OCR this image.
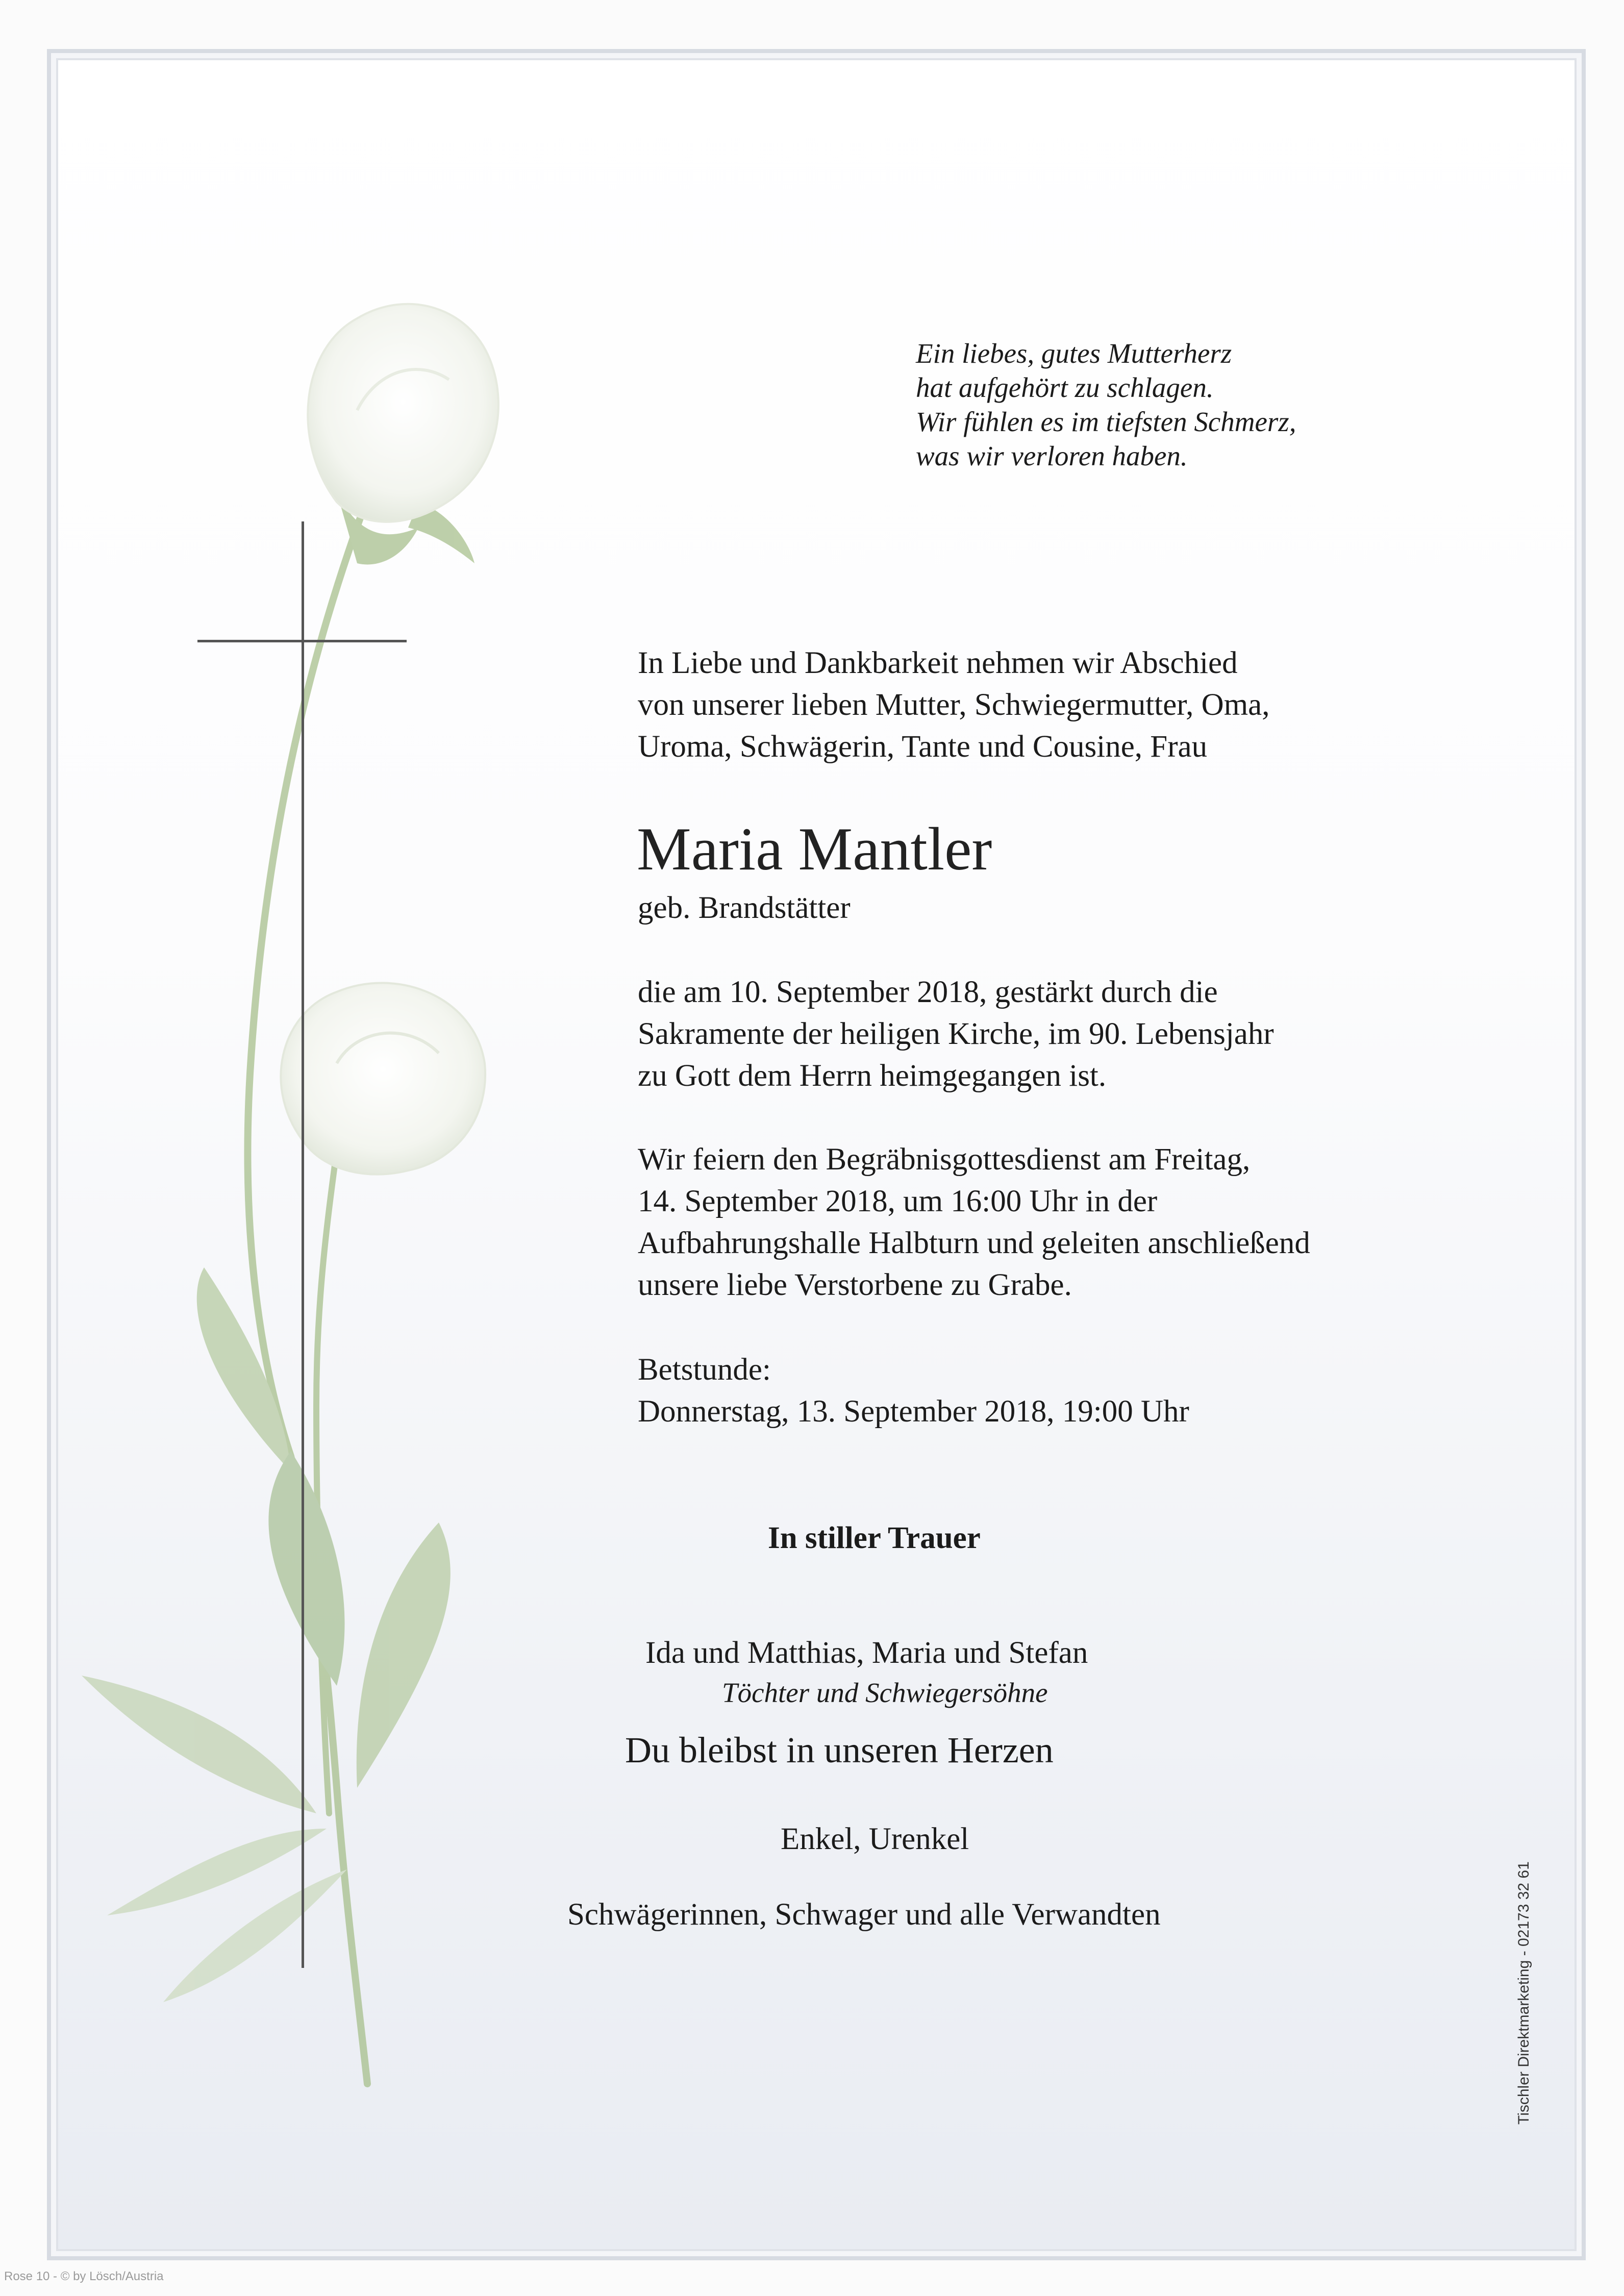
Ein liebes, gutes Mutterherz
hat aufgehört zu schlagen.
Wir fühlen es im tiefsten Schmerz,
was wir verloren haben.
In Liebe und Dankbarkeit nehmen wir Abschied
von unserer lieben Mutter, Schwiegermutter, Oma,
Uroma, Schwägerin, Tante und Cousine, Frau
Maria Mantler
geb. Brandstätter
die am 10. September 2018, gestärkt durch die
Sakramente der heiligen Kirche, im 90. Lebensjahr
zu Gott dem Herrn heimgegangen ist.
Wir feiern den Begräbnisgottesdienst am Freitag,
14. September 2018, um 16:00 Uhr in der
Aufbahrungshalle Halbturn und geleiten anschließend
unsere liebe Verstorbene zu Grabe.
Betstunde:
Donnerstag, 13. September 2018, 19:00 Uhr
In stiller Trauer
Ida und Matthias, Maria und Stefan
Töchter und Schwiegersöhne
Du bleibst in unseren Herzen
Enkel, Urenkel
Schwägerinnen, Schwager und alle Verwandten	Tischler Direktmarketing - 02173 32 61
Rose 10 - © by Lösch/Austria
